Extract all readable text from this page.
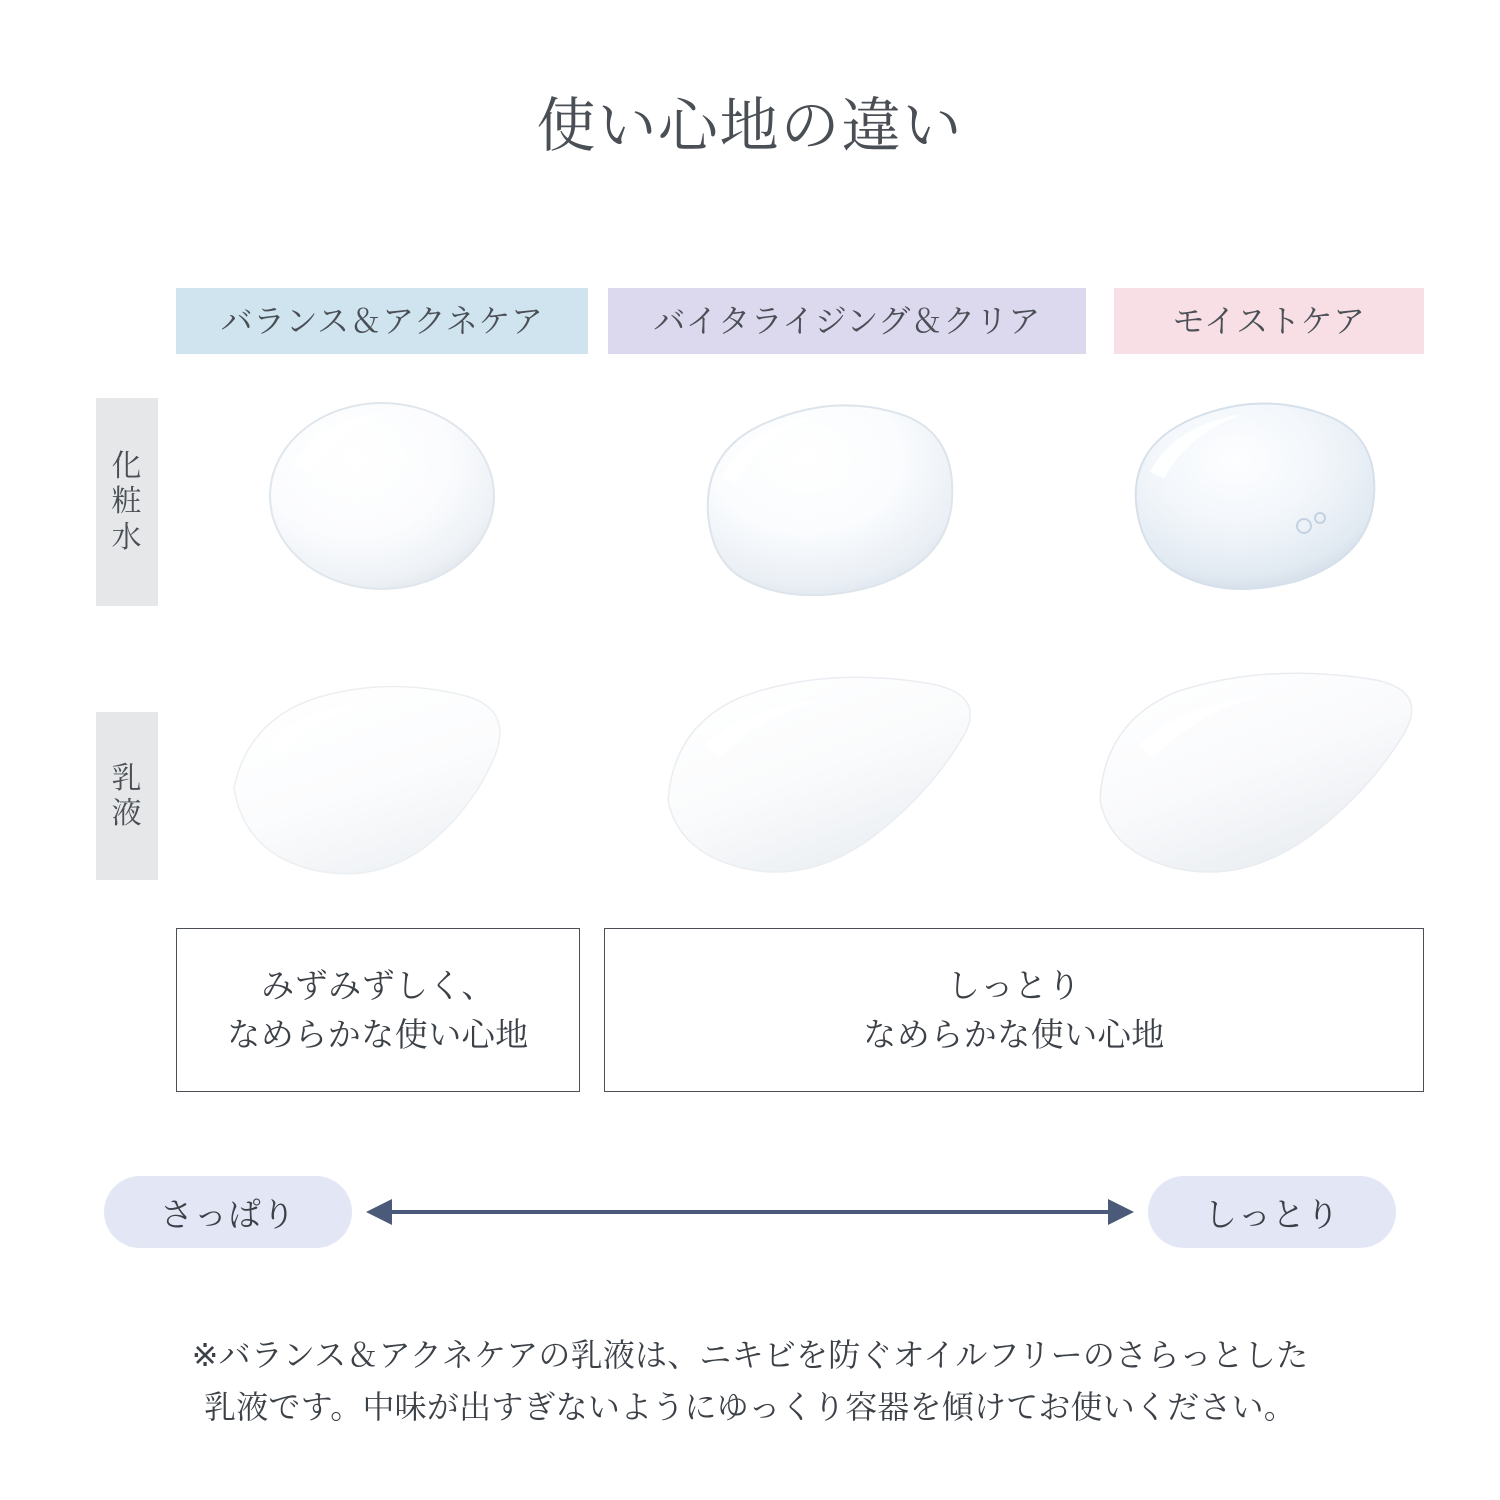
使い心地の違い
バランス＆アクネケア	バイタライジング＆クリア	モイストケア
化
粧
水
乳
液
みずみずしく、
なめらかな使い心地
しっとり
なめらかな使い心地
さっぱり	しっとり
※バランス＆アクネケアの乳液は、ニキビを防ぐオイルフリーのさらっとした
乳液です。中味が出すぎないようにゆっくり容器を傾けてお使いください。
